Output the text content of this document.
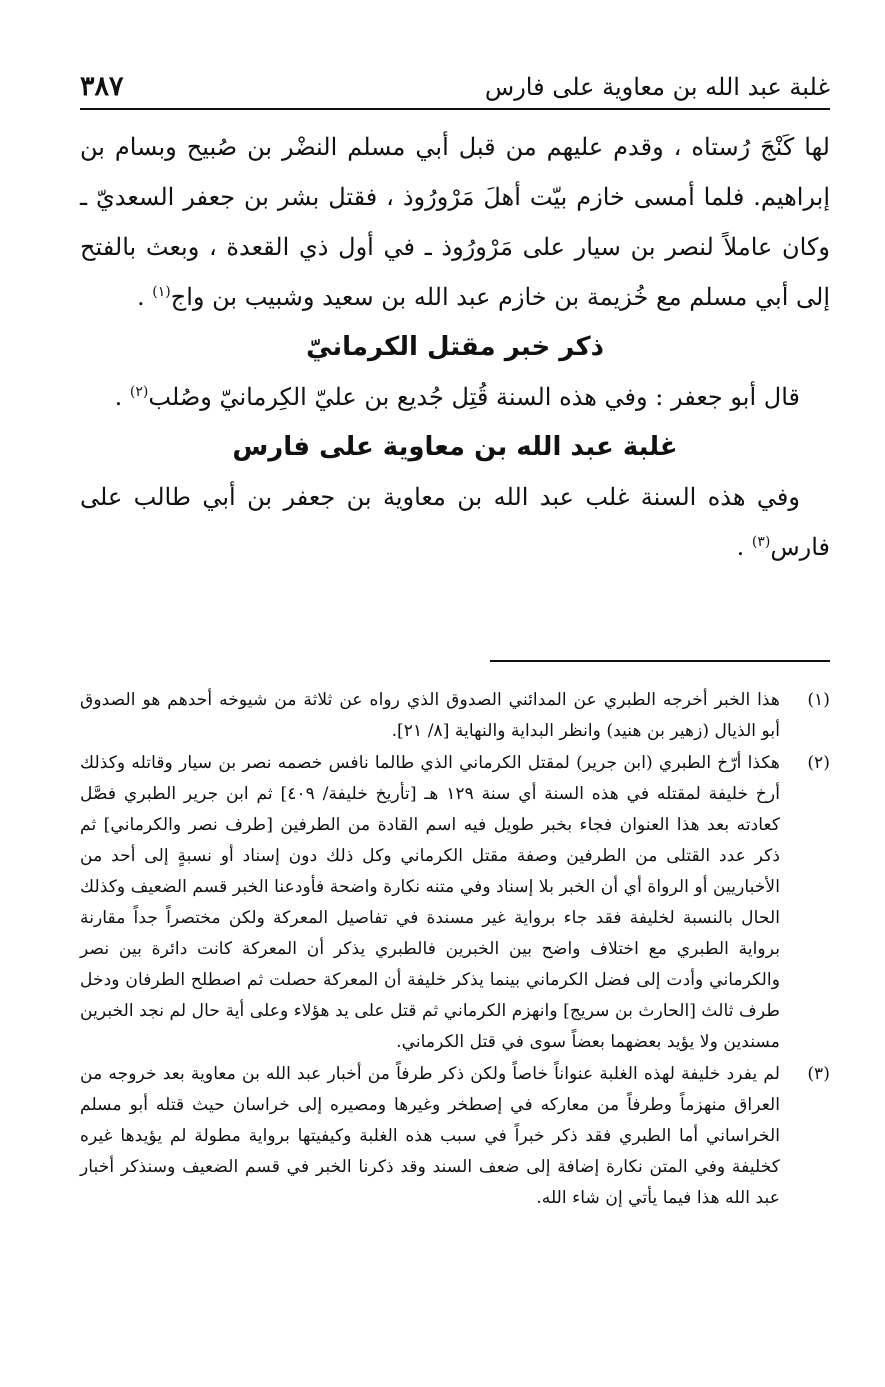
غلبة عبد الله بن معاوية على فارس
٣٨٧

لها كَنْجَ رُستاه ، وقدم عليهم من قبل أبي مسلم النضْر بن صُبيح وبسام بن إبراهيم. فلما أمسى خازم بيّت أهلَ مَرْورُوذ ، فقتل بشر بن جعفر السعديّ ـ وكان عاملاً لنصر بن سيار على مَرْورُوذ ـ في أول ذي القعدة ، وبعث بالفتح إلى أبي مسلم مع خُزيمة بن خازم عبد الله بن سعيد وشبيب بن واج$^{(١)}$ .

ذكر خبر مقتل الكرمانيّ

قال أبو جعفر : وفي هذه السنة قُتِل جُديع بن عليّ الكِرمانيّ وصُلب$^{(٢)}$ .

غلبة عبد الله بن معاوية على فارس

وفي هذه السنة غلب عبد الله بن معاوية بن جعفر بن أبي طالب على فارس$^{(٣)}$ .

(١)
هذا الخبر أخرجه الطبري عن المدائني الصدوق الذي رواه عن ثلاثة من شيوخه أحدهم هو الصدوق أبو الذيال (زهير بن هنيد) وانظر البداية والنهاية [٨/ ٢١].
(٢)
هكذا أرّخ الطبري (ابن جرير) لمقتل الكرماني الذي طالما نافس خصمه نصر بن سيار وقاتله وكذلك أرخ خليفة لمقتله في هذه السنة أي سنة ١٢٩ هـ [تأريخ خليفة/ ٤٠٩] ثم ابن جرير الطبري فصَّل كعادته بعد هذا العنوان فجاء بخبر طويل فيه اسم القادة من الطرفين [طرف نصر والكرماني] ثم ذكر عدد القتلى من الطرفين وصفة مقتل الكرماني وكل ذلك دون إسناد أو نسبةٍ إلى أحد من الأخباريين أو الرواة أي أن الخبر بلا إسناد وفي متنه نكارة واضحة فأودعنا الخبر قسم الضعيف وكذلك الحال بالنسبة لخليفة فقد جاء برواية غير مسندة في تفاصيل المعركة ولكن مختصراً جداً مقارنة برواية الطبري مع اختلاف واضح بين الخبرين فالطبري يذكر أن المعركة كانت دائرة بين نصر والكرماني وأدت إلى فضل الكرماني بينما يذكر خليفة أن المعركة حصلت ثم اصطلح الطرفان ودخل طرف ثالث [الحارث بن سريج] وانهزم الكرماني ثم قتل على يد هؤلاء وعلى أية حال لم نجد الخبرين مسندين ولا يؤيد بعضهما بعضاً سوى في قتل الكرماني.
(٣)
لم يفرد خليفة لهذه الغلبة عنواناً خاصاً ولكن ذكر طرفاً من أخبار عبد الله بن معاوية بعد خروجه من العراق منهزماً وطرفاً من معاركه في إصطخر وغيرها ومصيره إلى خراسان حيث قتله أبو مسلم الخراساني أما الطبري فقد ذكر خبراً في سبب هذه الغلبة وكيفيتها برواية مطولة لم يؤيدها غيره كخليفة وفي المتن نكارة إضافة إلى ضعف السند وقد ذكرنا الخبر في قسم الضعيف وسنذكر أخبار عبد الله هذا فيما يأتي إن شاء الله.
